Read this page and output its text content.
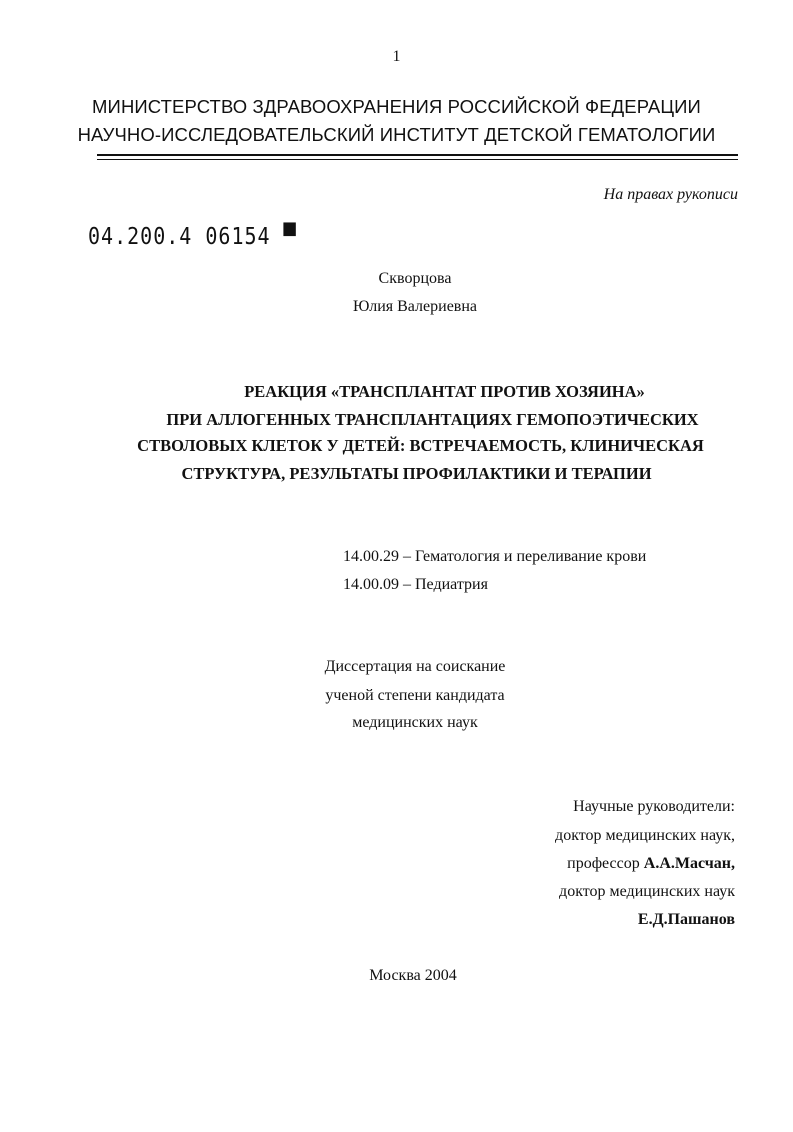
1
МИНИСТЕРСТВО ЗДРАВООХРАНЕНИЯ РОССИЙСКОЙ ФЕДЕРАЦИИ
НАУЧНО-ИССЛЕДОВАТЕЛЬСКИЙ ИНСТИТУТ ДЕТСКОЙ ГЕМАТОЛОГИИ
На правах рукописи
04.200.4 06154 ▀
Скворцова
Юлия Валериевна
РЕАКЦИЯ «ТРАНСПЛАНТАТ ПРОТИВ ХОЗЯИНА»
ПРИ АЛЛОГЕННЫХ ТРАНСПЛАНТАЦИЯХ ГЕМОПОЭТИЧЕСКИХ
СТВОЛОВЫХ КЛЕТОК У ДЕТЕЙ: ВСТРЕЧАЕМОСТЬ, КЛИНИЧЕСКАЯ
СТРУКТУРА, РЕЗУЛЬТАТЫ ПРОФИЛАКТИКИ И ТЕРАПИИ
14.00.29 – Гематология и переливание крови
14.00.09 – Педиатрия
Диссертация на соискание
ученой степени кандидата
медицинских наук
Научные руководители:
доктор медицинских наук,
профессор А.А.Масчан,
доктор медицинских наук
Е.Д.Пашанов
Москва 2004
